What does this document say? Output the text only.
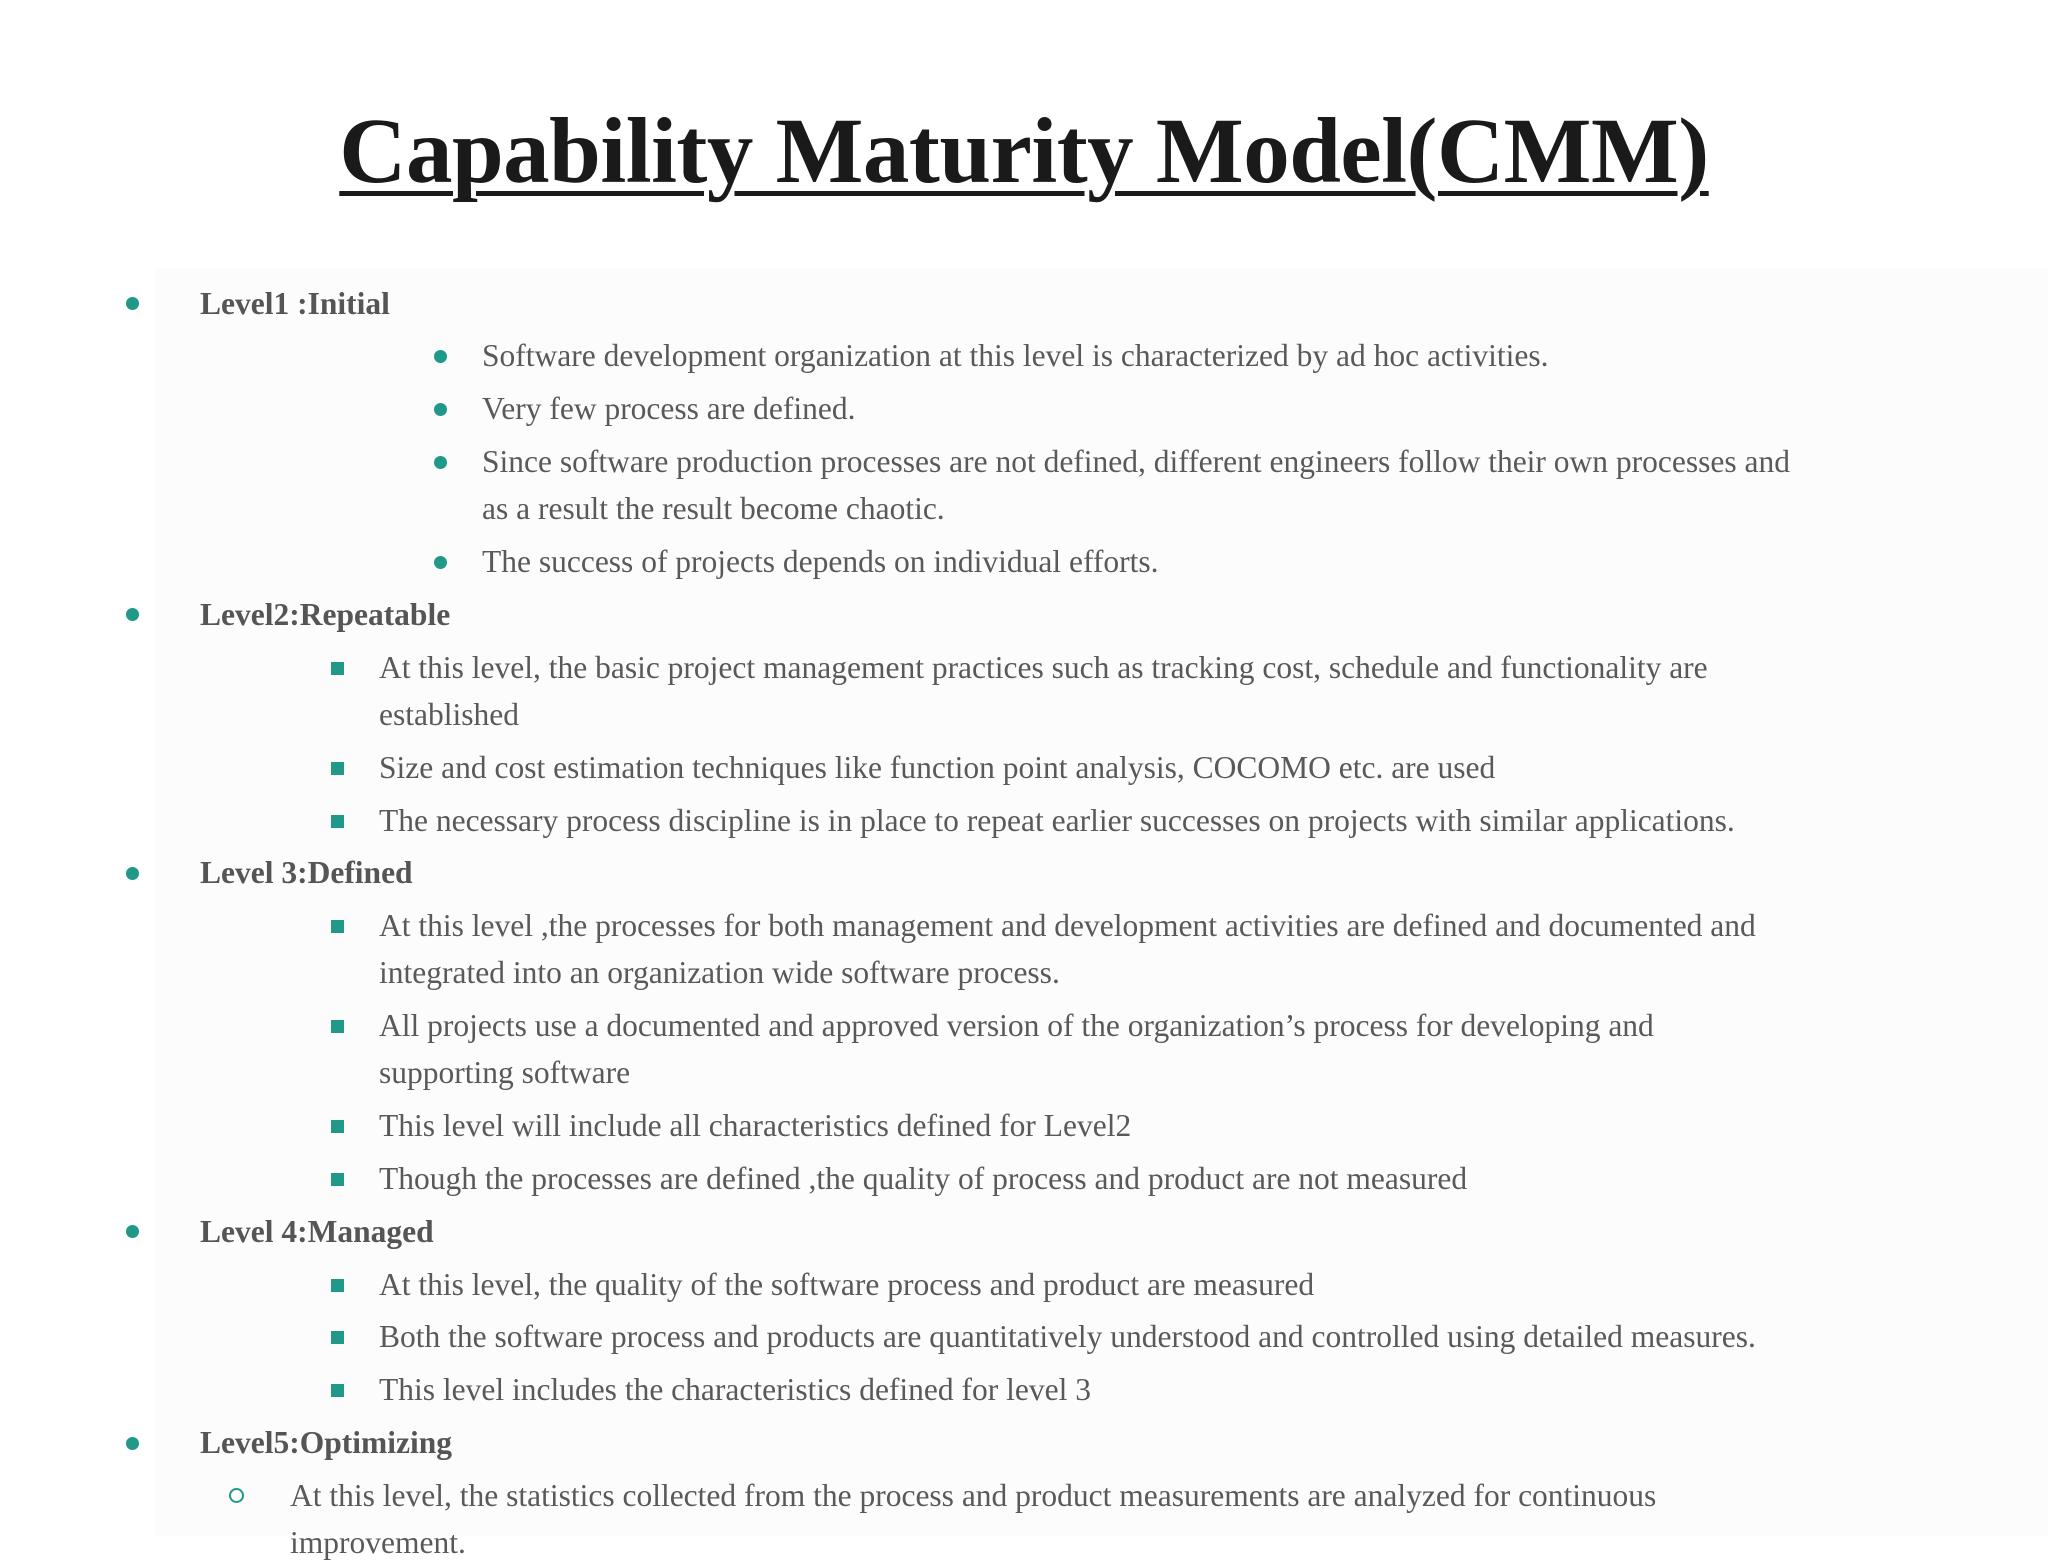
Capability Maturity Model(CMM)
Level1 :Initial
Software development organization at this level is characterized by ad hoc activities.
Very few process are defined.
Since software production processes are not defined, different engineers follow their own processes and
as a result the result become chaotic.
The success of projects depends on individual efforts.
Level2:Repeatable
At this level, the basic project management practices such as tracking cost, schedule and functionality are
established
Size and cost estimation techniques like function point analysis, COCOMO etc. are used
The necessary process discipline is in place to repeat earlier successes on projects with similar applications.
Level 3:Defined
At this level ,the processes for both management and development activities are defined and documented and
integrated into an organization wide software process.
All projects use a documented and approved version of the organization’s process for developing and
supporting software
This level will include all characteristics defined for Level2
Though the processes are defined ,the quality of process and product are not measured
Level 4:Managed
At this level, the quality of the software process and product are measured
Both the software process and products are quantitatively understood and controlled using detailed measures.
This level includes the characteristics defined for level 3
Level5:Optimizing
At this level, the statistics collected from the process and product measurements are analyzed for continuous
improvement.
